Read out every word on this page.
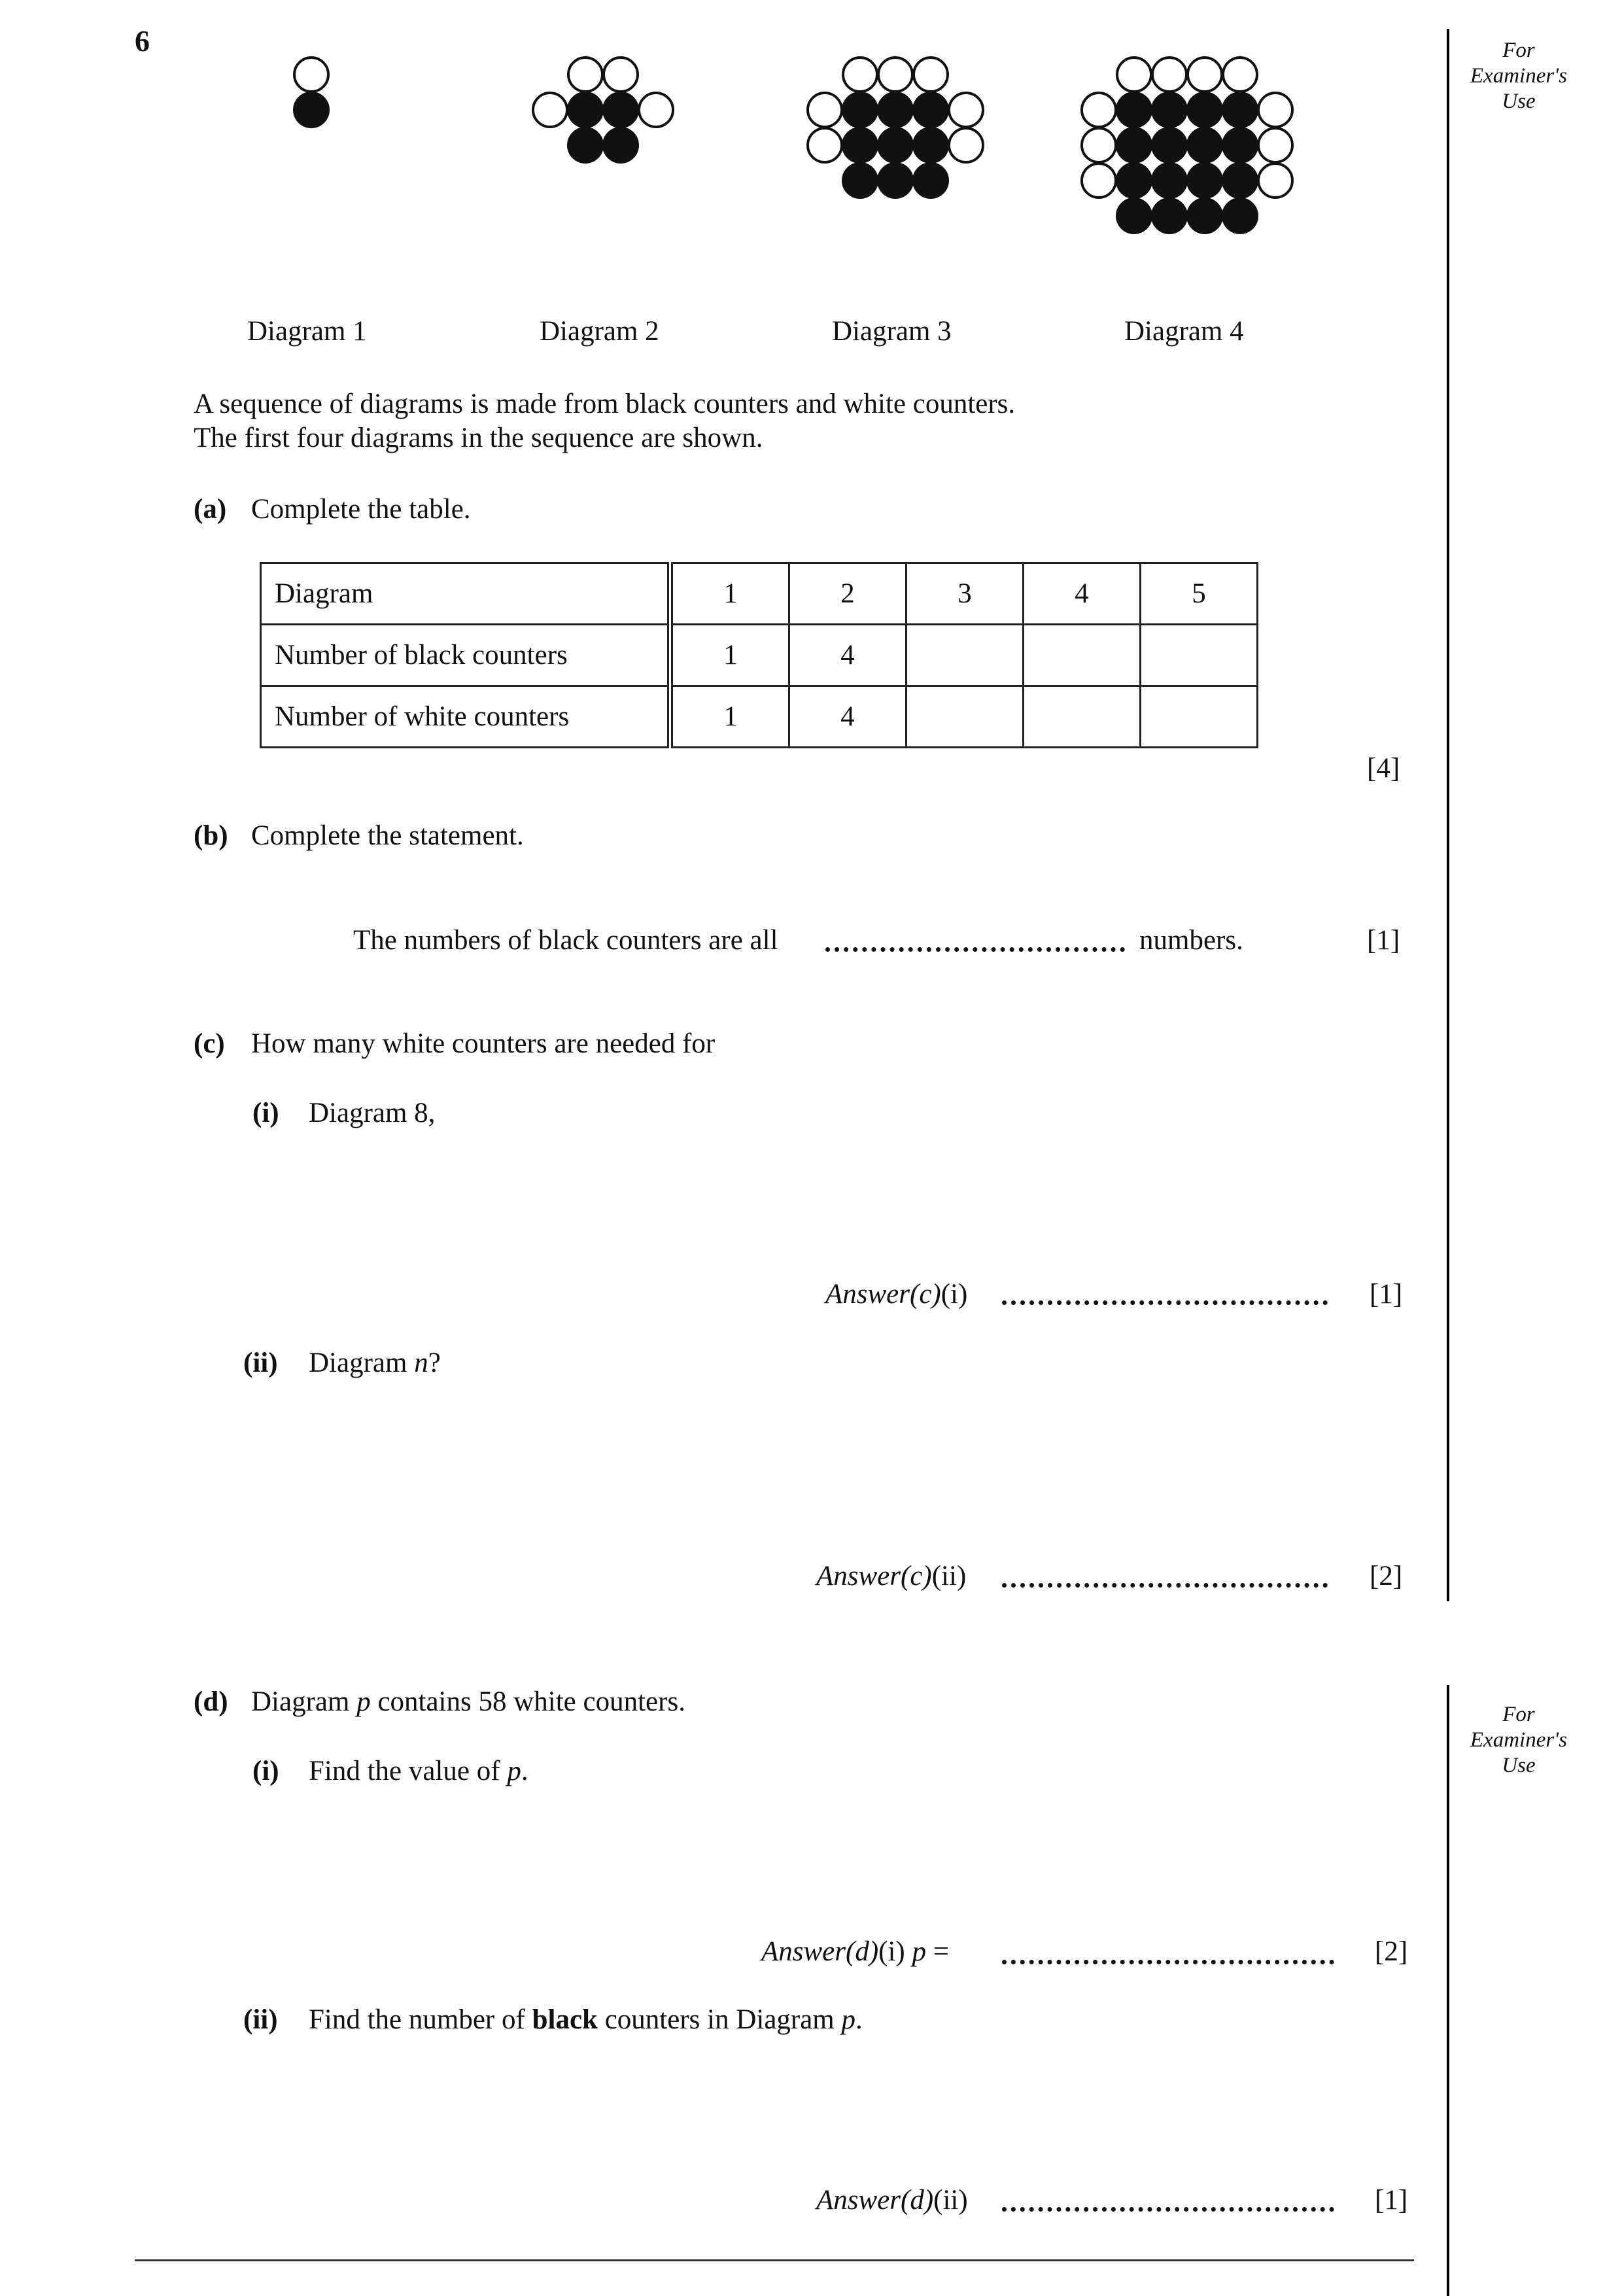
6	For
Examiner's
Use
For
Examiner's
Use
Diagram 1	Diagram 2	Diagram 3	Diagram 4
A sequence of diagrams is made from black counters and white counters.
The first four diagrams in the sequence are shown.
(a) Complete the table.
Diagram	1	2	3	4	5
Number of black counters	1	4			
Number of white counters	1	4			
[4]
(b) Complete the statement.
The numbers of black counters are all	numbers.	[1]
(c) How many white counters are needed for
(i) Diagram 8,
Answer(c)(i)	[1]
(ii) Diagram n?
Answer(c)(ii)	[2]
(d) Diagram p contains 58 white counters.
(i) Find the value of p.
Answer(d)(i) p =	[2]
(ii) Find the number of black counters in Diagram p.
Answer(d)(ii)	[1]
